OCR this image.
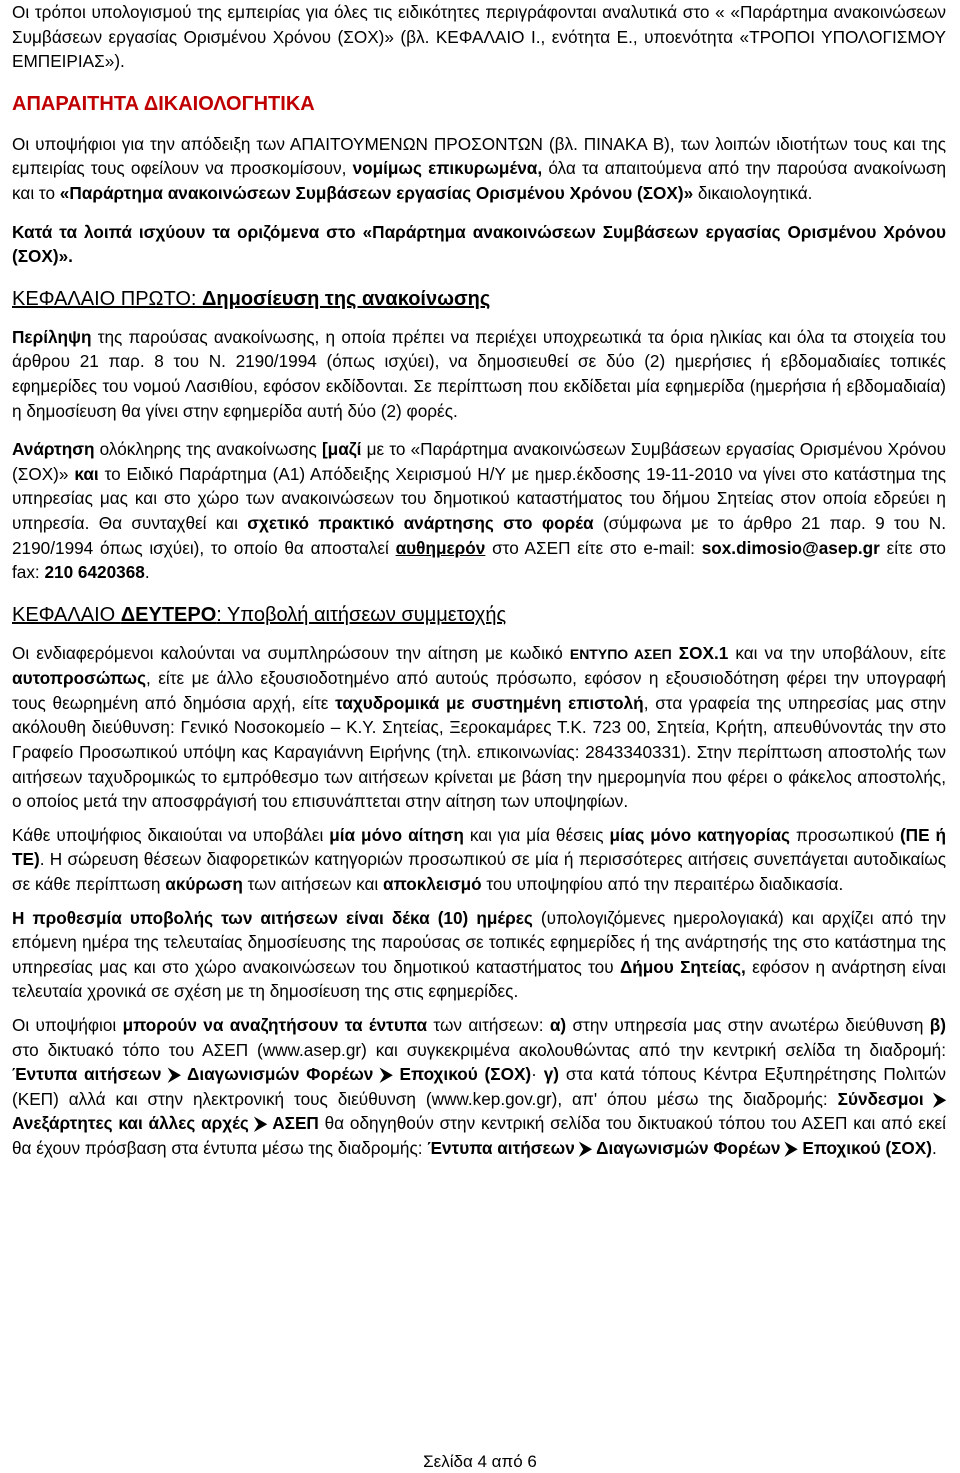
Οι τρόποι υπολογισμού της εμπειρίας για όλες τις ειδικότητες περιγράφονται αναλυτικά στο « «Παράρτημα ανακοινώσεων Συμβάσεων εργασίας Ορισμένου Χρόνου (ΣΟΧ)» (βλ. ΚΕΦΑΛΑΙΟ Ι., ενότητα Ε., υποενότητα «ΤΡΟΠΟΙ ΥΠΟΛΟΓΙΣΜΟΥ ΕΜΠΕΙΡΙΑΣ»).

ΑΠΑΡΑΙΤΗΤΑ ΔΙΚΑΙΟΛΟΓΗΤΙΚΑ

Οι υποψήφιοι για την απόδειξη των ΑΠΑΙΤΟΥΜΕΝΩΝ ΠΡΟΣΟΝΤΩΝ (βλ. ΠΙΝΑΚΑ Β), των λοιπών ιδιοτήτων τους και της εμπειρίας τους οφείλουν να προσκομίσουν, νομίμως επικυρωμένα, όλα τα απαιτούμενα από την παρούσα ανακοίνωση και το «Παράρτημα ανακοινώσεων Συμβάσεων εργασίας Ορισμένου Χρόνου (ΣΟΧ)» δικαιολογητικά.

Κατά τα λοιπά ισχύουν τα οριζόμενα στο «Παράρτημα ανακοινώσεων Συμβάσεων εργασίας Ορισμένου Χρόνου (ΣΟΧ)».

ΚΕΦΑΛΑΙΟ ΠΡΩΤΟ: Δημοσίευση της ανακοίνωσης

Περίληψη της παρούσας ανακοίνωσης, η οποία πρέπει να περιέχει υποχρεωτικά τα όρια ηλικίας και όλα τα στοιχεία του άρθρου 21 παρ. 8 του Ν. 2190/1994 (όπως ισχύει), να δημοσιευθεί σε δύο (2) ημερήσιες ή εβδομαδιαίες τοπικές εφημερίδες του νομού Λασιθίου, εφόσον εκδίδονται. Σε περίπτωση που εκδίδεται μία εφημερίδα (ημερήσια ή εβδομαδιαία) η δημοσίευση θα γίνει στην εφημερίδα αυτή δύο (2) φορές.

Ανάρτηση ολόκληρης της ανακοίνωσης [μαζί με το «Παράρτημα ανακοινώσεων Συμβάσεων εργασίας Ορισμένου Χρόνου (ΣΟΧ)» και το Ειδικό Παράρτημα (Α1) Απόδειξης Χειρισμού Η/Υ με ημερ.έκδοσης 19-11-2010 να γίνει στο κατάστημα της υπηρεσίας μας και στο χώρο των ανακοινώσεων του δημοτικού καταστήματος του δήμου Σητείας στον οποία εδρεύει η υπηρεσία. Θα συνταχθεί και σχετικό πρακτικό ανάρτησης στο φορέα (σύμφωνα με το άρθρο 21 παρ. 9 του Ν. 2190/1994 όπως ισχύει), το οποίο θα αποσταλεί αυθημερόν στο ΑΣΕΠ είτε στο e-mail: sox.dimosio@asep.gr είτε στο fax: 210 6420368.

ΚΕΦΑΛΑΙΟ ΔΕΥΤΕΡΟ: Υποβολή αιτήσεων συμμετοχής

Οι ενδιαφερόμενοι καλούνται να συμπληρώσουν την αίτηση με κωδικό ΕΝΤΥΠΟ ΑΣΕΠ ΣΟΧ.1 και να την υποβάλουν, είτε αυτοπροσώπως, είτε με άλλο εξουσιοδοτημένο από αυτούς πρόσωπο, εφόσον η εξουσιοδότηση φέρει την υπογραφή τους θεωρημένη από δημόσια αρχή, είτε ταχυδρομικά με συστημένη επιστολή, στα γραφεία της υπηρεσίας μας στην ακόλουθη διεύθυνση: Γενικό Νοσοκομείο – Κ.Υ. Σητείας, Ξεροκαμάρες Τ.Κ. 723 00, Σητεία, Κρήτη, απευθύνοντάς την στο Γραφείο Προσωπικού υπόψη κας Καραγιάννη Ειρήνης (τηλ. επικοινωνίας: 2843340331). Στην περίπτωση αποστολής των αιτήσεων ταχυδρομικώς το εμπρόθεσμο των αιτήσεων κρίνεται με βάση την ημερομηνία που φέρει ο φάκελος αποστολής, ο οποίος μετά την αποσφράγισή του επισυνάπτεται στην αίτηση των υποψηφίων.

Κάθε υποψήφιος δικαιούται να υποβάλει μία μόνο αίτηση και για μία θέσεις μίας μόνο κατηγορίας προσωπικού (ΠΕ ή ΤΕ). Η σώρευση θέσεων διαφορετικών κατηγοριών προσωπικού σε μία ή περισσότερες αιτήσεις συνεπάγεται αυτοδικαίως σε κάθε περίπτωση ακύρωση των αιτήσεων και αποκλεισμό του υποψηφίου από την περαιτέρω διαδικασία.

Η προθεσμία υποβολής των αιτήσεων είναι δέκα (10) ημέρες (υπολογιζόμενες ημερολογιακά) και αρχίζει από την επόμενη ημέρα της τελευταίας δημοσίευσης της παρούσας σε τοπικές εφημερίδες ή της ανάρτησής της στο κατάστημα της υπηρεσίας μας και στο χώρο ανακοινώσεων του δημοτικού καταστήματος του Δήμου Σητείας, εφόσον η ανάρτηση είναι τελευταία χρονικά σε σχέση με τη δημοσίευση της στις εφημερίδες.

Οι υποψήφιοι μπορούν να αναζητήσουν τα έντυπα των αιτήσεων: α) στην υπηρεσία μας στην ανωτέρω διεύθυνση β) στο δικτυακό τόπο του ΑΣΕΠ (www.asep.gr) και συγκεκριμένα ακολουθώντας από την κεντρική σελίδα τη διαδρομή: Έντυπα αιτήσεων ⮞ Διαγωνισμών Φορέων ⮞ Εποχικού (ΣΟΧ)· γ) στα κατά τόπους Κέντρα Εξυπηρέτησης Πολιτών (ΚΕΠ) αλλά και στην ηλεκτρονική τους διεύθυνση (www.kep.gov.gr), απ' όπου μέσω της διαδρομής: Σύνδεσμοι ⮞ Ανεξάρτητες και άλλες αρχές ⮞ ΑΣΕΠ θα οδηγηθούν στην κεντρική σελίδα του δικτυακού τόπου του ΑΣΕΠ και από εκεί θα έχουν πρόσβαση στα έντυπα μέσω της διαδρομής: Έντυπα αιτήσεων ⮞ Διαγωνισμών Φορέων ⮞ Εποχικού (ΣΟΧ).

Σελίδα 4 από 6
